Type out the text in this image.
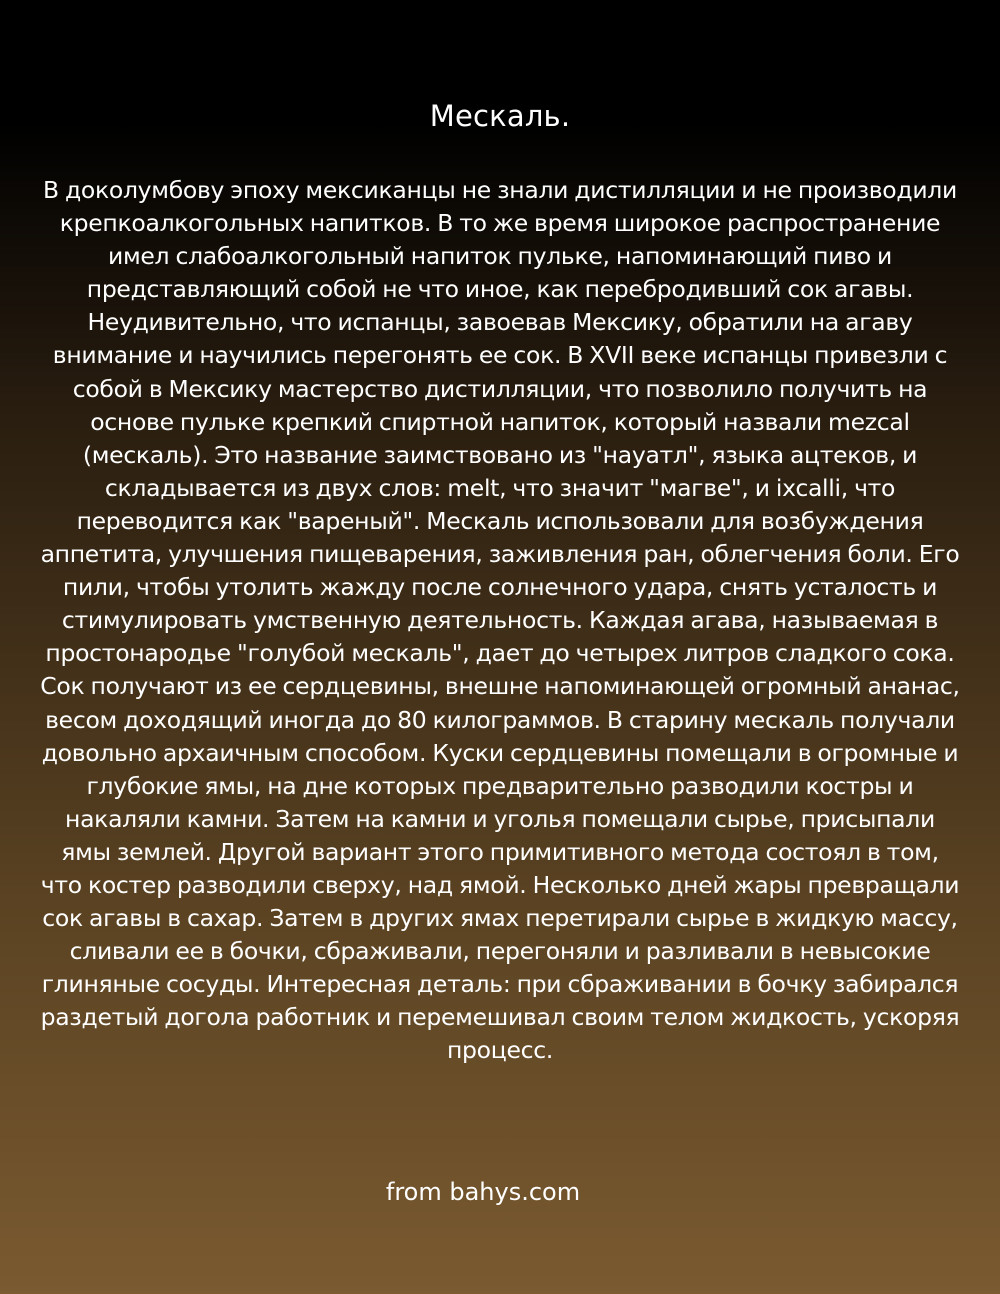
Мескаль.
В доколумбову эпоху мексиканцы не знали дистилляции и не производили крепкоалкогольных напитков. В то же время широкое распространение имел слабоалкогольный напиток пульке, напоминающий пиво и представляющий собой не что иное, как перебродивший сок агавы. Неудивительно, что испанцы, завоевав Мексику, обратили на агаву внимание и научились перегонять ее сок. В XVII веке испанцы привезли с собой в Мексику мастерство дистилляции, что позволило получить на основе пульке крепкий спиртной напиток, который назвали mezcal (мескаль). Это название заимствовано из "науатл", языка ацтеков, и складывается из двух слов: melt, что значит "магве", и ixcalli, что переводится как "вареный". Мескаль использовали для возбуждения аппетита, улучшения пищеварения, заживления ран, облегчения боли. Его пили, чтобы утолить жажду после солнечного удара, снять усталость и стимулировать умственную деятельность. Каждая агава, называемая в простонародье "голубой мескаль", дает до четырех литров сладкого сока. Сок получают из ее сердцевины, внешне напоминающей огромный ананас, весом доходящий иногда до 80 килограммов. В старину мескаль получали довольно архаичным способом. Куски сердцевины помещали в огромные и глубокие ямы, на дне которых предварительно разводили костры и накаляли камни. Затем на камни и уголья помещали сырье, присыпали ямы землей. Другой вариант этого примитивного метода состоял в том, что костер разводили сверху, над ямой. Несколько дней жары превращали сок агавы в сахар. Затем в других ямах перетирали сырье в жидкую массу, сливали ее в бочки, сбраживали, перегоняли и разливали в невысокие глиняные сосуды. Интересная деталь: при сбраживании в бочку забирался раздетый догола работник и перемешивал своим телом жидкость, ускоряя процесс.
from bahys.com
